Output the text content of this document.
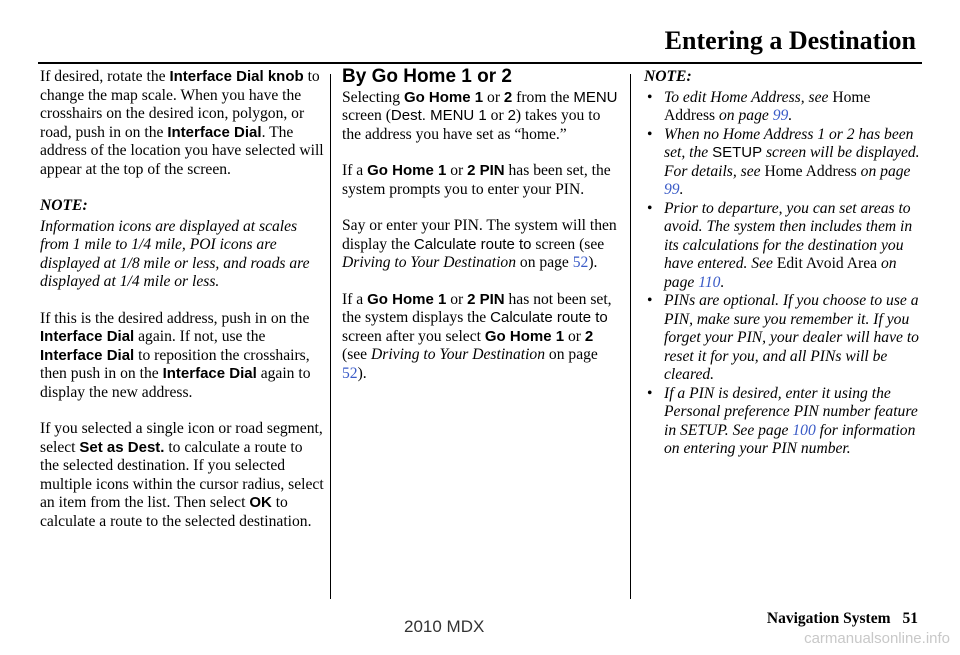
Entering a Destination

If desired, rotate the Interface Dial knob to change the map scale. When you have the crosshairs on the desired icon, polygon, or road, push in on the Interface Dial. The address of the location you have selected will appear at the top of the screen.

NOTE:

Information icons are displayed at scales from 1 mile to 1/4 mile, POI icons are displayed at 1/8 mile or less, and roads are displayed at 1/4 mile or less.

If this is the desired address, push in on the Interface Dial again. If not, use the Interface Dial to reposition the crosshairs, then push in on the Interface Dial again to display the new address.

If you selected a single icon or road segment, select Set as Dest. to calculate a route to the selected destination. If you selected multiple icons within the cursor radius, select an item from the list. Then select OK to calculate a route to the selected destination.

By Go Home 1 or 2

Selecting Go Home 1 or 2 from the MENU screen (Dest. MENU 1 or 2) takes you to the address you have set as “home.”

If a Go Home 1 or 2 PIN has been set, the system prompts you to enter your PIN.

Say or enter your PIN. The system will then display the Calculate route to screen (see Driving to Your Destination on page 52).

If a Go Home 1 or 2 PIN has not been set, the system displays the Calculate route to screen after you select Go Home 1 or 2 (see Driving to Your Destination on page 52).

NOTE:
• To edit Home Address, see Home Address on page 99.
• When no Home Address 1 or 2 has been set, the SETUP screen will be displayed. For details, see Home Address on page 99.
• Prior to departure, you can set areas to avoid. The system then includes them in its calculations for the destination you have entered. See Edit Avoid Area on page 110.
• PINs are optional. If you choose to use a PIN, make sure you remember it. If you forget your PIN, your dealer will have to reset it for you, and all PINs will be cleared.
• If a PIN is desired, enter it using the Personal preference PIN number feature in SETUP. See page 100 for information on entering your PIN number.
Navigation System 51
2010 MDX
carmanualsonline.info
